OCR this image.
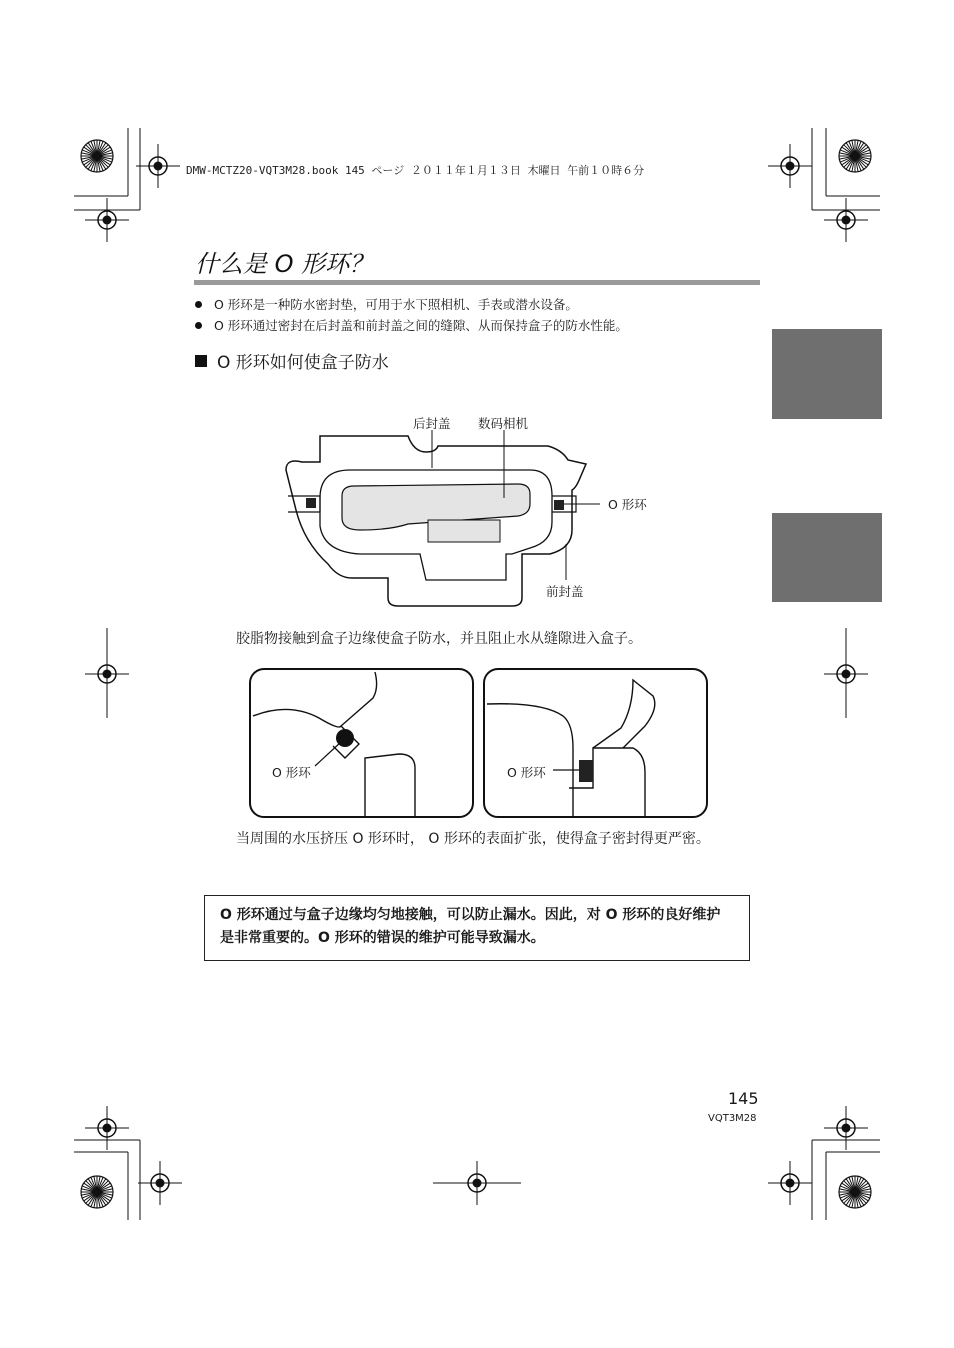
DMW-MCTZ20-VQT3M28.book 145 ページ ２０１１年１月１３日 木曜日 午前１０時６分
什么是 O 形环？
O 形环是一种防水密封垫，可用于水下照相机、手表或潜水设备。
O 形环通过密封在后封盖和前封盖之间的缝隙、从而保持盒子的防水性能。
O 形环如何使盒子防水
后封盖 数码相机
O 形环
前封盖
胶脂物接触到盒子边缘使盒子防水，并且阻止水从缝隙进入盒子。
O 形环	O 形环
当周围的水压挤压 O 形环时， O 形环的表面扩张，使得盒子密封得更严密。
O 形环通过与盒子边缘均匀地接触，可以防止漏水。因此，对 O 形环的良好维护是非常重要的。O 形环的错误的维护可能导致漏水。
145
VQT3M28
